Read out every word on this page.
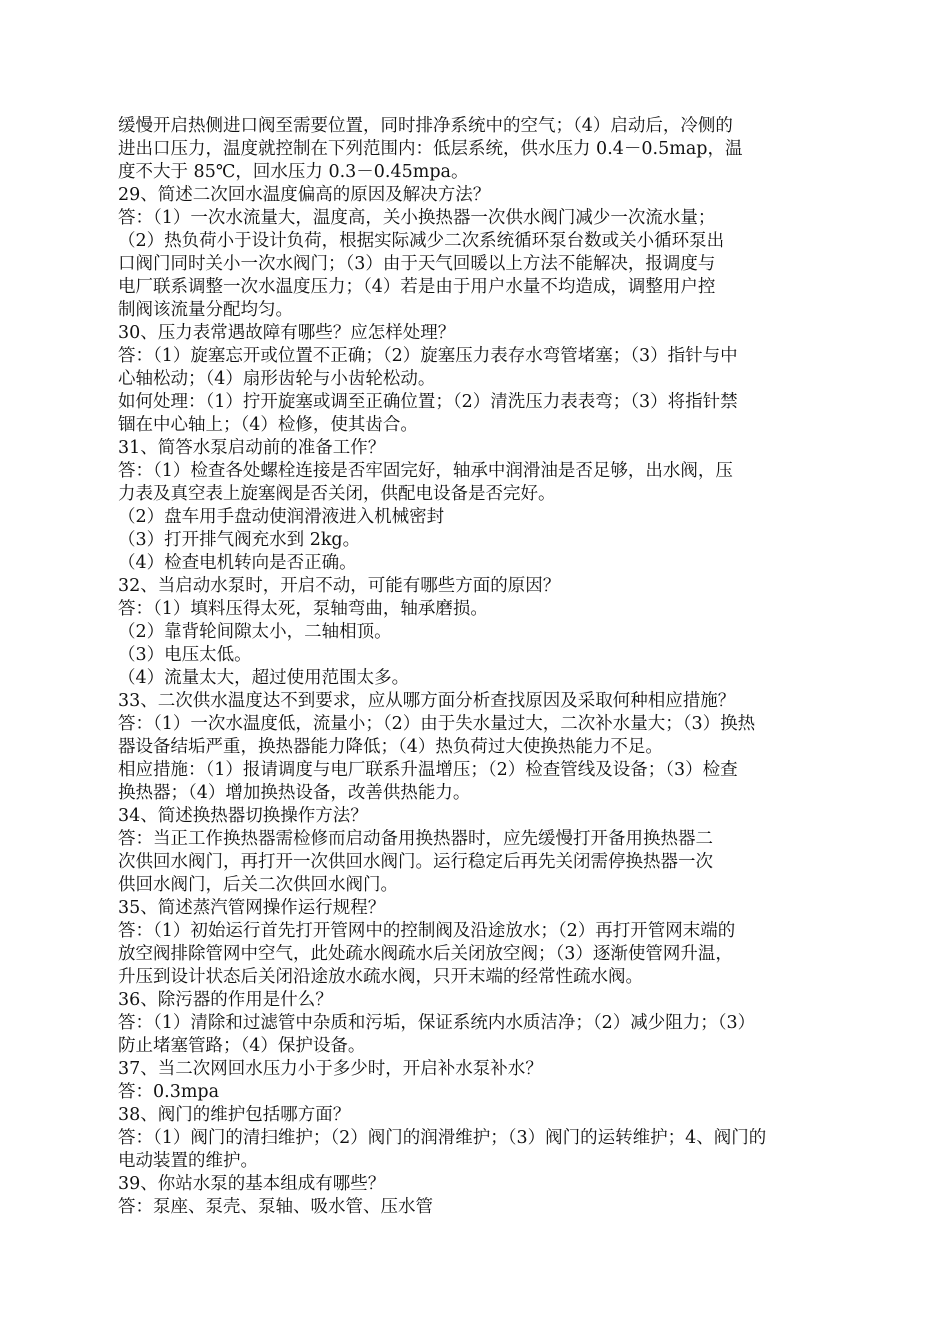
缓慢开启热侧进口阀至需要位置，同时排净系统中的空气；（4）启动后，冷侧的
进出口压力，温度就控制在下列范围内：低层系统，供水压力 0.4－0.5map，温
度不大于 85℃，回水压力 0.3－0.45mpa。
29、简述二次回水温度偏高的原因及解决方法？
答：（1）一次水流量大，温度高，关小换热器一次供水阀门减少一次流水量；
（2）热负荷小于设计负荷，根据实际减少二次系统循环泵台数或关小循环泵出
口阀门同时关小一次水阀门；（3）由于天气回暖以上方法不能解决，报调度与
电厂联系调整一次水温度压力；（4）若是由于用户水量不均造成，调整用户控
制阀该流量分配均匀。
30、压力表常遇故障有哪些？应怎样处理？
答：（1）旋塞忘开或位置不正确；（2）旋塞压力表存水弯管堵塞；（3）指针与中
心轴松动；（4）扇形齿轮与小齿轮松动。
如何处理：（1）拧开旋塞或调至正确位置；（2）清洗压力表表弯；（3）将指针禁
锢在中心轴上；（4）检修，使其齿合。
31、简答水泵启动前的准备工作？
答：（1）检查各处螺栓连接是否牢固完好，轴承中润滑油是否足够，出水阀，压
力表及真空表上旋塞阀是否关闭，供配电设备是否完好。
（2）盘车用手盘动使润滑液进入机械密封
（3）打开排气阀充水到 2kg。
（4）检查电机转向是否正确。
32、当启动水泵时，开启不动，可能有哪些方面的原因？
答：（1）填料压得太死，泵轴弯曲，轴承磨损。
（2）靠背轮间隙太小，二轴相顶。
（3）电压太低。
（4）流量太大，超过使用范围太多。
33、二次供水温度达不到要求，应从哪方面分析查找原因及采取何种相应措施？
答：（1）一次水温度低，流量小；（2）由于失水量过大，二次补水量大；（3）换热
器设备结垢严重，换热器能力降低；（4）热负荷过大使换热能力不足。
相应措施：（1）报请调度与电厂联系升温增压；（2）检查管线及设备；（3）检查
换热器；（4）增加换热设备，改善供热能力。
34、简述换热器切换操作方法？
答：当正工作换热器需检修而启动备用换热器时，应先缓慢打开备用换热器二
次供回水阀门，再打开一次供回水阀门。运行稳定后再先关闭需停换热器一次
供回水阀门，后关二次供回水阀门。
35、简述蒸汽管网操作运行规程？
答：（1）初始运行首先打开管网中的控制阀及沿途放水；（2）再打开管网末端的
放空阀排除管网中空气，此处疏水阀疏水后关闭放空阀；（3）逐渐使管网升温，
升压到设计状态后关闭沿途放水疏水阀，只开末端的经常性疏水阀。
36、除污器的作用是什么？
答：（1）清除和过滤管中杂质和污垢，保证系统内水质洁净；（2）减少阻力；（3）
防止堵塞管路；（4）保护设备。
37、当二次网回水压力小于多少时，开启补水泵补水？
答：0.3mpa
38、阀门的维护包括哪方面？
答：（1）阀门的清扫维护；（2）阀门的润滑维护；（3）阀门的运转维护；4、阀门的
电动装置的维护。
39、你站水泵的基本组成有哪些？
答：泵座、泵壳、泵轴、吸水管、压水管
